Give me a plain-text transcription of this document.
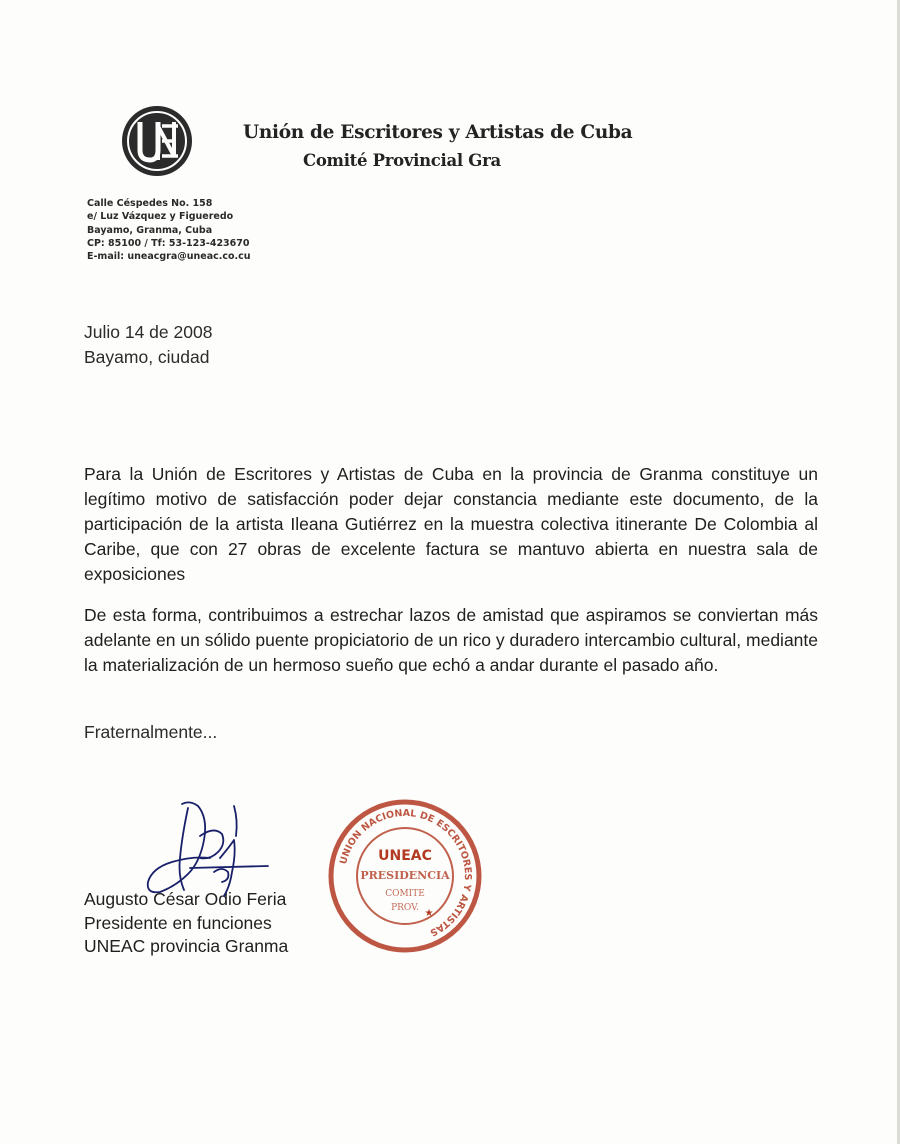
Unión de Escritores y Artistas de Cuba
Comité Provincial Gra
Calle Céspedes No. 158
e/ Luz Vázquez y Figueredo
Bayamo, Granma, Cuba
CP: 85100 / Tf: 53-123-423670
E-mail: uneacgra@uneac.co.cu
Julio 14 de 2008
Bayamo, ciudad

Para la Unión de Escritores y Artistas de Cuba en la provincia de Granma constituye un legítimo motivo de satisfacción poder dejar constancia mediante este documento, de la participación de la artista Ileana Gutiérrez en la muestra colectiva itinerante De Colombia al Caribe, que con 27 obras de excelente factura se mantuvo abierta en nuestra sala de exposiciones

De esta forma, contribuimos a estrechar lazos de amistad que aspiramos se conviertan más adelante en un sólido puente propiciatorio de un rico y duradero intercambio cultural, mediante la materialización de un hermoso sueño que echó a andar durante el pasado año.

Fraternalmente...
Augusto César Odio Feria
Presidente en funciones
UNEAC provincia Granma
UNION NACIONAL DE ESCRITORES Y ARTISTAS
UNEAC
PRESIDENCIA
COMITE
PROV. ★
